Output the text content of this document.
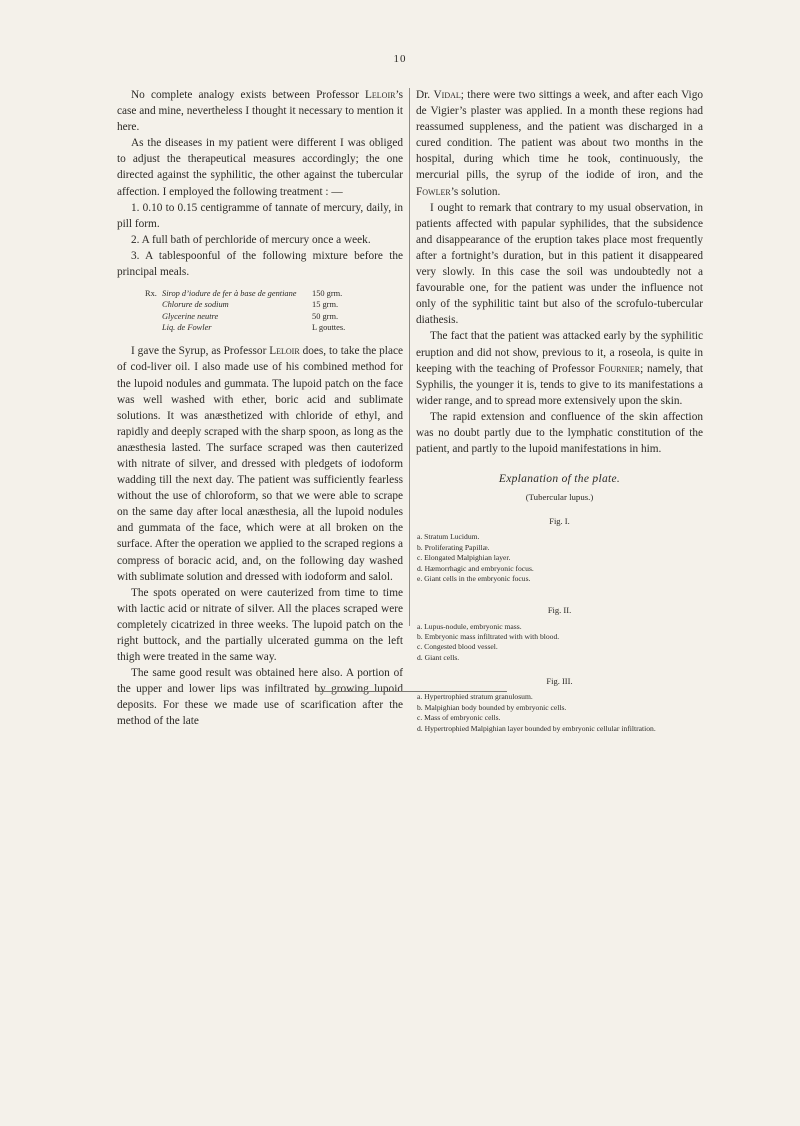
10

No complete analogy exists between Professor Leloir’s case and mine, nevertheless I thought it necessary to mention it here.

As the diseases in my patient were different I was obliged to adjust the therapeutical measures accordingly; the one directed against the syphilitic, the other against the tubercular affection. I employed the following treatment : —

1. 0.10 to 0.15 centigramme of tannate of mercury, daily, in pill form.

2. A full bath of perchloride of mercury once a week.

3. A tablespoonful of the following mixture before the principal meals.

Rx. Sirop d’iodure de fer à base de gentiane	150 grm.
Chlorure de sodium	15 grm.
Glycerine neutre	50 grm.
Liq. de Fowler	L gouttes.

I gave the Syrup, as Professor Leloir does, to take the place of cod-liver oil. I also made use of his combined method for the lupoid nodules and gummata. The lupoid patch on the face was well washed with ether, boric acid and sublimate solutions. It was anæsthetized with chloride of ethyl, and rapidly and deeply scraped with the sharp spoon, as long as the anæsthesia lasted. The surface scraped was then cauterized with nitrate of silver, and dressed with pledgets of iodoform wadding till the next day. The patient was sufficiently fearless without the use of chloroform, so that we were able to scrape on the same day after local anæsthesia, all the lupoid nodules and gummata of the face, which were at all broken on the surface. After the operation we applied to the scraped regions a compress of boracic acid, and, on the following day washed with sublimate solution and dressed with iodoform and salol.

The spots operated on were cauterized from time to time with lactic acid or nitrate of silver. All the places scraped were completely cicatrized in three weeks. The lupoid patch on the right buttock, and the partially ulcerated gumma on the left thigh were treated in the same way.

The same good result was obtained here also. A portion of the upper and lower lips was infiltrated by growing lupoid deposits. For these we made use of scarification after the method of the late

Dr. Vidal; there were two sittings a week, and after each Vigo de Vigier’s plaster was applied. In a month these regions had reassumed suppleness, and the patient was discharged in a cured condition. The patient was about two months in the hospital, during which time he took, continuously, the mercurial pills, the syrup of the iodide of iron, and the Fowler’s solution.

I ought to remark that contrary to my usual observation, in patients affected with papular syphilides, that the subsidence and disappearance of the eruption takes place most frequently after a fortnight’s duration, but in this patient it disappeared very slowly. In this case the soil was undoubtedly not a favourable one, for the patient was under the influence not only of the syphilitic taint but also of the scrofulo-tubercular diathesis.

The fact that the patient was attacked early by the syphilitic eruption and did not show, previous to it, a roseola, is quite in keeping with the teaching of Professor Fournier; namely, that Syphilis, the younger it is, tends to give to its manifestations a wider range, and to spread more extensively upon the skin.

The rapid extension and confluence of the skin affection was no doubt partly due to the lymphatic constitution of the patient, and partly to the lupoid manifestations in him.

Explanation of the plate.
(Tubercular lupus.)
Fig. I.
a. Stratum Lucidum.
b. Proliferating Papillæ.
c. Elongated Malpighian layer.
d. Hæmorrhagic and embryonic focus.
e. Giant cells in the embryonic focus.
Fig. II.
a. Lupus-nodule, embryonic mass.
b. Embryonic mass infiltrated with with blood.
c. Congested blood vessel.
d. Giant cells.
Fig. III.
a. Hypertrophied stratum granulosum.
b. Malpighian body bounded by embryonic cells.
c. Mass of embryonic cells.
d. Hypertrophied Malpighian layer bounded by embryonic cellular infiltration.
